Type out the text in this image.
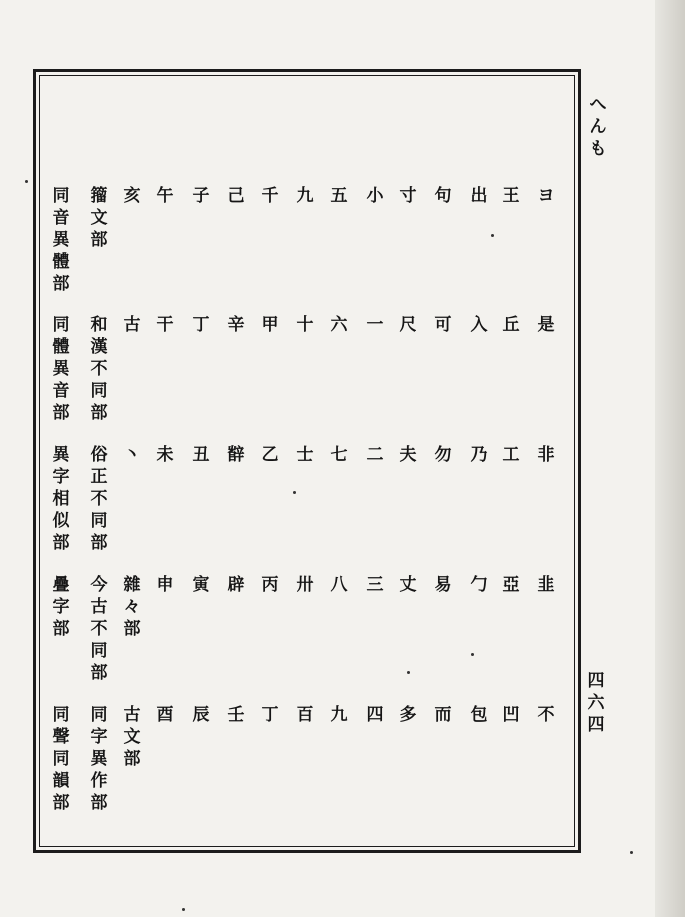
へ
ん
も
四
六
四
ヨ
是
非
韭
不
王
丘
工
亞
凹
出
入
乃
勹
包
句
可
勿
易
而
寸
尺
夫
丈
多
小
一
二
三
四
五
六
七
八
九
九
十
士
卅
百
千
甲
乙
丙
丁
己
辛
辥
辟
壬
子
丁
丑
寅
辰
午
干
未
申
酉
亥
古
丶
雜
々
部
古
文
部
籀
文
部
和
漢
不
同
部
俗
正
不
同
部
今
古
不
同
部
同
字
異
作
部
同
音
異
體
部
同
體
異
音
部
異
字
相
似
部
疊
字
部
同
聲
同
韻
部
